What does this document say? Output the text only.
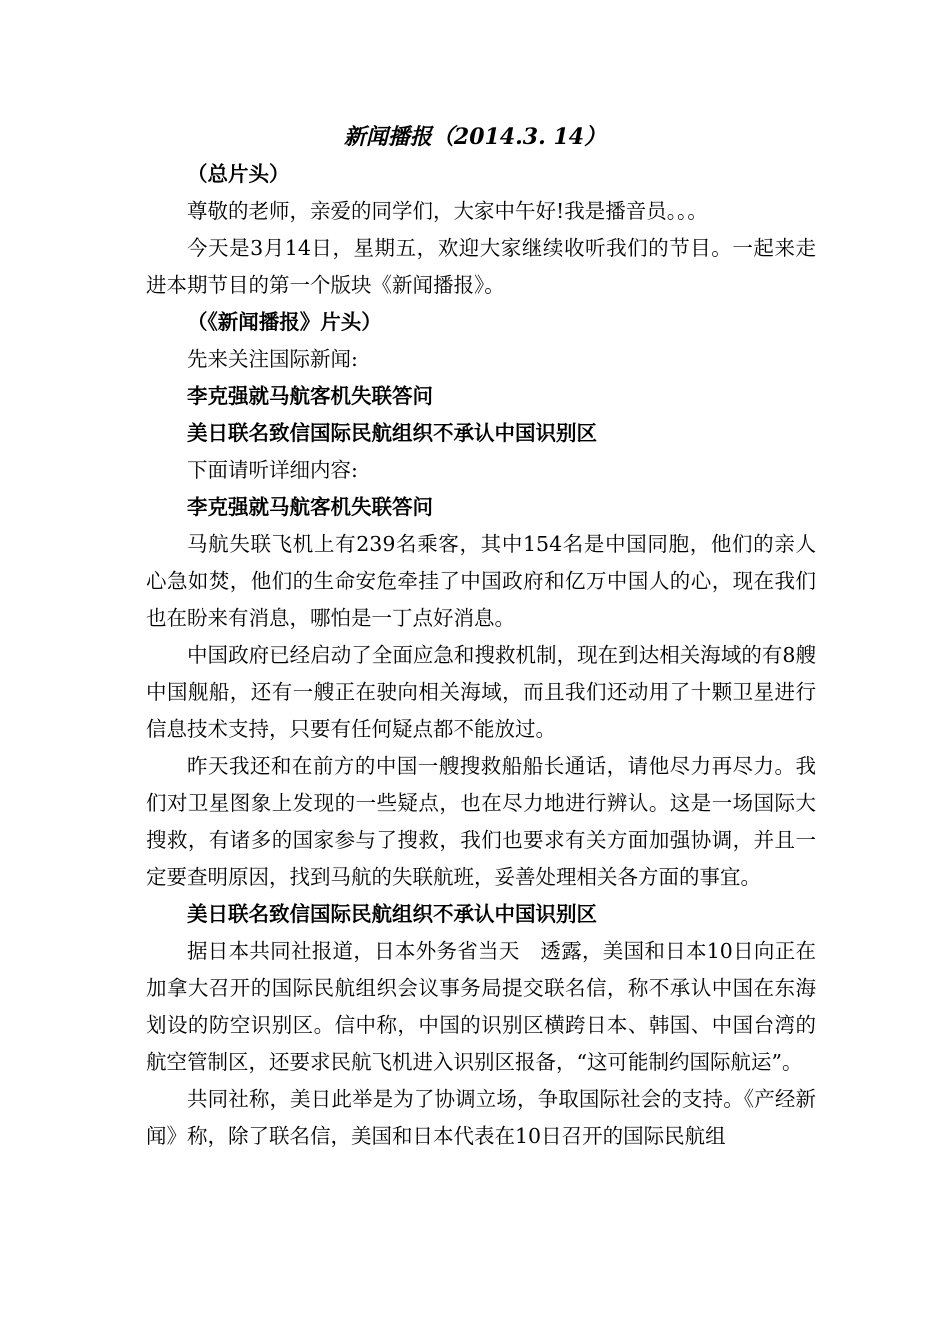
新闻播报（2014.3. 14）

（总片头）

尊敬的老师，亲爱的同学们，大家中午好!我是播音员。。。

今天是3月14日，星期五，欢迎大家继续收听我们的节目。一起来走进本期节目的第一个版块《新闻播报》。

（《新闻播报》片头）

先来关注国际新闻:

李克强就马航客机失联答问

美日联名致信国际民航组织不承认中国识别区

下面请听详细内容:

李克强就马航客机失联答问

马航失联飞机上有239名乘客，其中154名是中国同胞，他们的亲人心急如焚，他们的生命安危牵挂了中国政府和亿万中国人的心，现在我们也在盼来有消息，哪怕是一丁点好消息。

中国政府已经启动了全面应急和搜救机制，现在到达相关海域的有8艘中国舰船，还有一艘正在驶向相关海域，而且我们还动用了十颗卫星进行信息技术支持，只要有任何疑点都不能放过。

昨天我还和在前方的中国一艘搜救船船长通话，请他尽力再尽力。我们对卫星图象上发现的一些疑点，也在尽力地进行辨认。这是一场国际大搜救，有诸多的国家参与了搜救，我们也要求有关方面加强协调，并且一定要查明原因，找到马航的失联航班，妥善处理相关各方面的事宜。

美日联名致信国际民航组织不承认中国识别区

据日本共同社报道，日本外务省当天　透露，美国和日本10日向正在加拿大召开的国际民航组织会议事务局提交联名信，称不承认中国在东海划设的防空识别区。信中称，中国的识别区横跨日本、韩国、中国台湾的航空管制区，还要求民航飞机进入识别区报备，“这可能制约国际航运”。

共同社称，美日此举是为了协调立场，争取国际社会的支持。《产经新闻》称，除了联名信，美国和日本代表在10日召开的国际民航组
